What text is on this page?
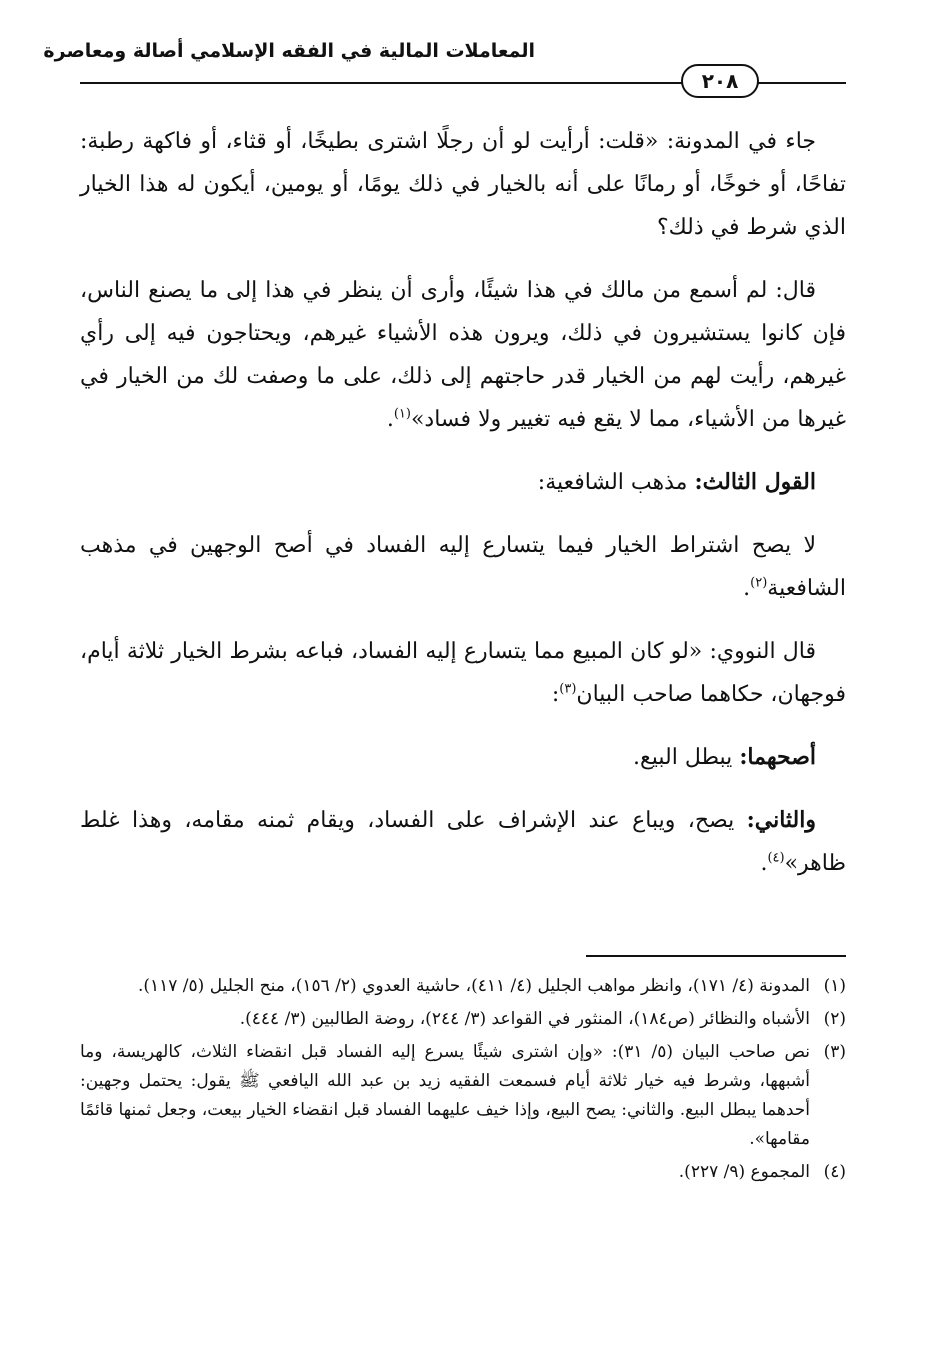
المعاملات المالية في الفقه الإسلامي أصالة ومعاصرة
٢٠٨

جاء في المدونة: «قلت: أرأيت لو أن رجلًا اشترى بطيخًا، أو قثاء، أو فاكهة رطبة: تفاحًا، أو خوخًا، أو رمانًا على أنه بالخيار في ذلك يومًا، أو يومين، أيكون له هذا الخيار الذي شرط في ذلك؟

قال: لم أسمع من مالك في هذا شيئًا، وأرى أن ينظر في هذا إلى ما يصنع الناس، فإن كانوا يستشيرون في ذلك، ويرون هذه الأشياء غيرهم، ويحتاجون فيه إلى رأي غيرهم، رأيت لهم من الخيار قدر حاجتهم إلى ذلك، على ما وصفت لك من الخيار في غيرها من الأشياء، مما لا يقع فيه تغيير ولا فساد»$^{(١)}$.

القول الثالث: مذهب الشافعية:

لا يصح اشتراط الخيار فيما يتسارع إليه الفساد في أصح الوجهين في مذهب الشافعية$^{(٢)}$.

قال النووي: «لو كان المبيع مما يتسارع إليه الفساد، فباعه بشرط الخيار ثلاثة أيام، فوجهان، حكاهما صاحب البيان$^{(٣)}$:

أصحهما: يبطل البيع.

والثاني: يصح، ويباع عند الإشراف على الفساد، ويقام ثمنه مقامه، وهذا غلط ظاهر»$^{(٤)}$.

(١)
المدونة (٤/ ١٧١)، وانظر مواهب الجليل (٤/ ٤١١)، حاشية العدوي (٢/ ١٥٦)، منح الجليل (٥/ ١١٧).
(٢)
الأشباه والنظائر (ص١٨٤)، المنثور في القواعد (٣/ ٢٤٤)، روضة الطالبين (٣/ ٤٤٤).
(٣)
نص صاحب البيان (٥/ ٣١): «وإن اشترى شيئًا يسرع إليه الفساد قبل انقضاء الثلاث، كالهريسة، وما أشبهها، وشرط فيه خيار ثلاثة أيام فسمعت الفقيه زيد بن عبد الله اليافعي ﷺ يقول: يحتمل وجهين: أحدهما يبطل البيع. والثاني: يصح البيع، وإذا خيف عليهما الفساد قبل انقضاء الخيار بيعت، وجعل ثمنها قائمًا مقامها».
(٤)
المجموع (٩/ ٢٢٧).
